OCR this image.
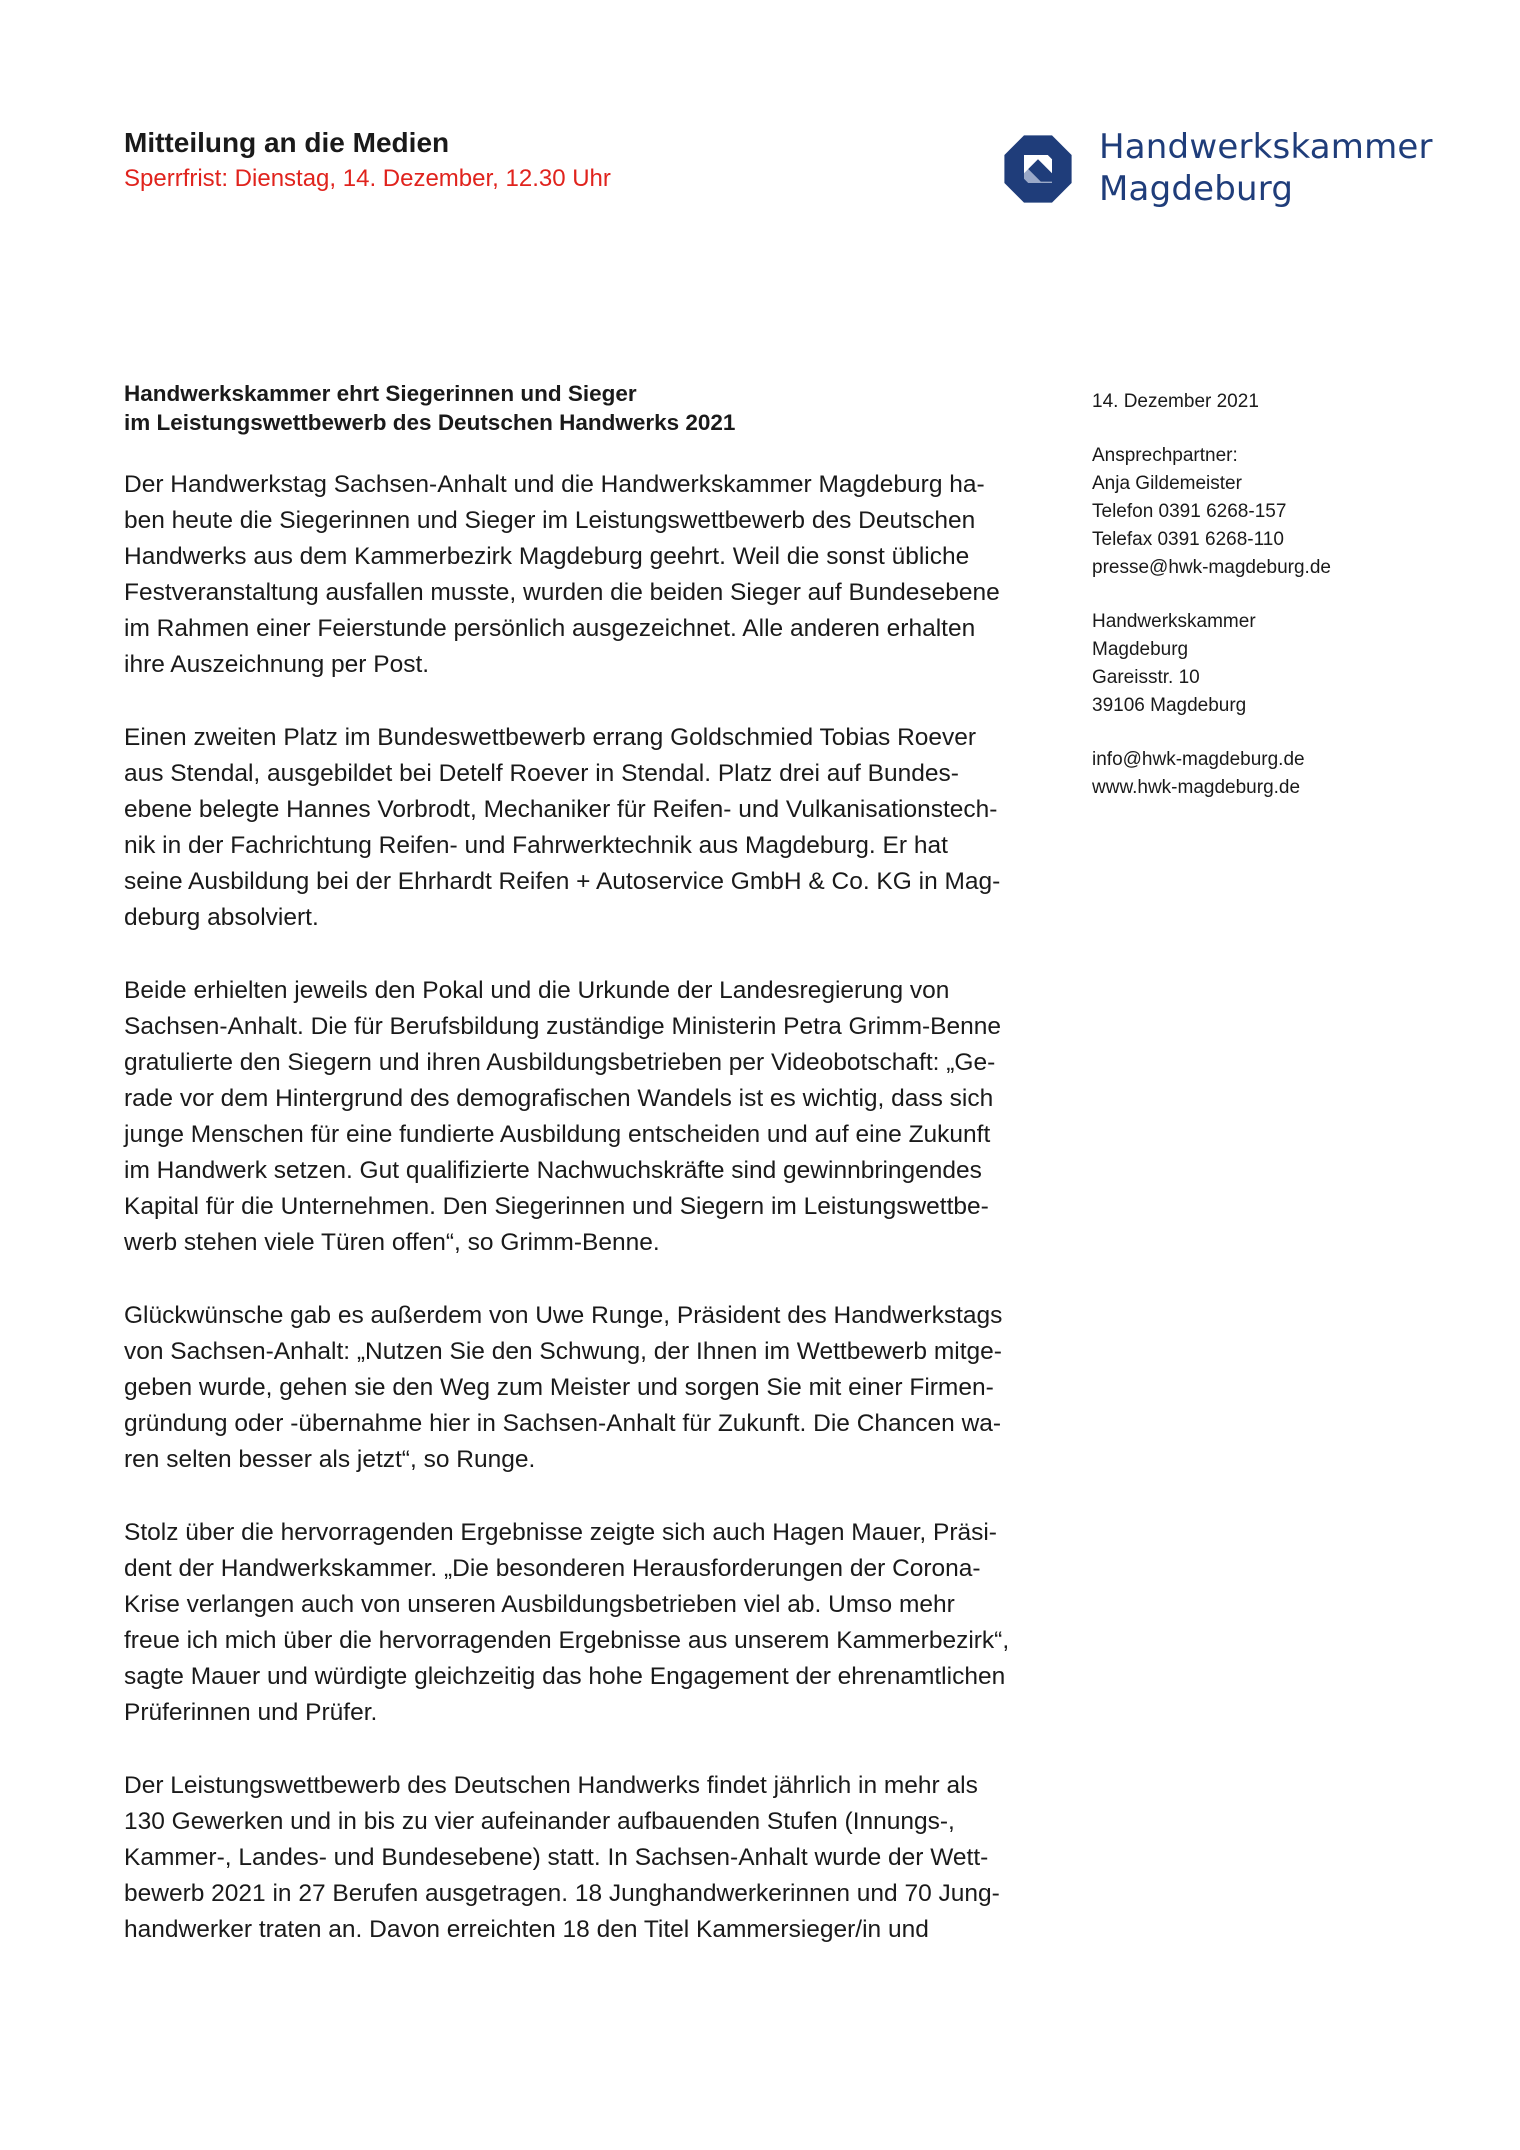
Mitteilung an die Medien
Sperrfrist: Dienstag, 14. Dezember, 12.30 Uhr
Handwerkskammer
Magdeburg
Handwerkskammer ehrt Siegerinnen und Sieger
im Leistungswettbewerb des Deutschen Handwerks 2021

Der Handwerkstag Sachsen-Anhalt und die Handwerkskammer Magdeburg ha-
ben heute die Siegerinnen und Sieger im Leistungswettbewerb des Deutschen
Handwerks aus dem Kammerbezirk Magdeburg geehrt. Weil die sonst übliche
Festveranstaltung ausfallen musste, wurden die beiden Sieger auf Bundesebene
im Rahmen einer Feierstunde persönlich ausgezeichnet. Alle anderen erhalten
ihre Auszeichnung per Post.

Einen zweiten Platz im Bundeswettbewerb errang Goldschmied Tobias Roever
aus Stendal, ausgebildet bei Detelf Roever in Stendal. Platz drei auf Bundes-
ebene belegte Hannes Vorbrodt, Mechaniker für Reifen- und Vulkanisationstech-
nik in der Fachrichtung Reifen- und Fahrwerktechnik aus Magdeburg. Er hat
seine Ausbildung bei der Ehrhardt Reifen + Autoservice GmbH & Co. KG in Mag-
deburg absolviert.

Beide erhielten jeweils den Pokal und die Urkunde der Landesregierung von
Sachsen-Anhalt. Die für Berufsbildung zuständige Ministerin Petra Grimm-Benne
gratulierte den Siegern und ihren Ausbildungsbetrieben per Videobotschaft: „Ge-
rade vor dem Hintergrund des demografischen Wandels ist es wichtig, dass sich
junge Menschen für eine fundierte Ausbildung entscheiden und auf eine Zukunft
im Handwerk setzen. Gut qualifizierte Nachwuchskräfte sind gewinnbringendes
Kapital für die Unternehmen. Den Siegerinnen und Siegern im Leistungswettbe-
werb stehen viele Türen offen“, so Grimm-Benne.

Glückwünsche gab es außerdem von Uwe Runge, Präsident des Handwerkstags
von Sachsen-Anhalt: „Nutzen Sie den Schwung, der Ihnen im Wettbewerb mitge-
geben wurde, gehen sie den Weg zum Meister und sorgen Sie mit einer Firmen-
gründung oder -übernahme hier in Sachsen-Anhalt für Zukunft. Die Chancen wa-
ren selten besser als jetzt“, so Runge.

Stolz über die hervorragenden Ergebnisse zeigte sich auch Hagen Mauer, Präsi-
dent der Handwerkskammer. „Die besonderen Herausforderungen der Corona-
Krise verlangen auch von unseren Ausbildungsbetrieben viel ab. Umso mehr
freue ich mich über die hervorragenden Ergebnisse aus unserem Kammerbezirk“,
sagte Mauer und würdigte gleichzeitig das hohe Engagement der ehrenamtlichen
Prüferinnen und Prüfer.

Der Leistungswettbewerb des Deutschen Handwerks findet jährlich in mehr als
130 Gewerken und in bis zu vier aufeinander aufbauenden Stufen (Innungs-,
Kammer-, Landes- und Bundesebene) statt. In Sachsen-Anhalt wurde der Wett-
bewerb 2021 in 27 Berufen ausgetragen. 18 Junghandwerkerinnen und 70 Jung-
handwerker traten an. Davon erreichten 18 den Titel Kammersieger/in und

14. Dezember 2021
Ansprechpartner:
Anja Gildemeister
Telefon 0391 6268-157
Telefax 0391 6268-110
presse@hwk-magdeburg.de
Handwerkskammer
Magdeburg
Gareisstr. 10
39106 Magdeburg
info@hwk-magdeburg.de
www.hwk-magdeburg.de
